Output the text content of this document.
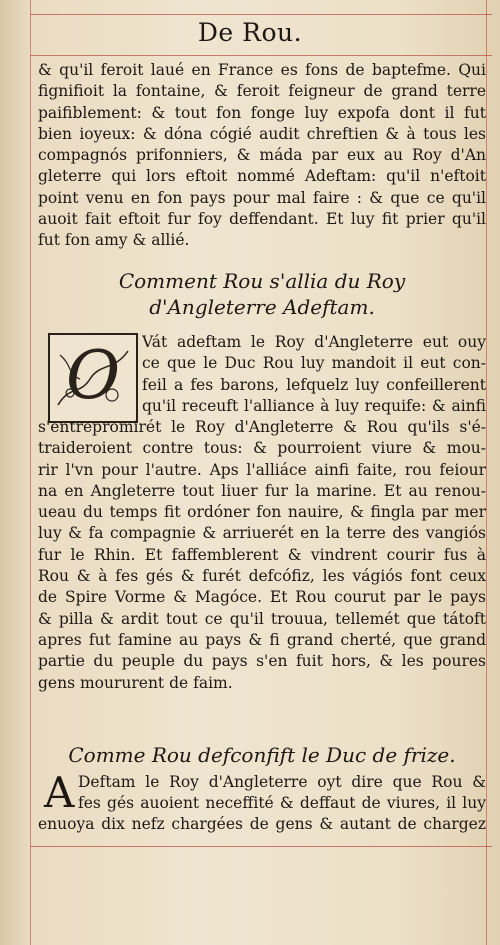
De Rou.
& qu'il feroit laué en France es fons de baptefme. Qui
fignifioit la fontaine, & feroit feigneur de grand terre
paifiblement: & tout fon fonge luy expofa dont il fut
bien ioyeux: & dóna cógié audit chreftien & à tous les
compagnós prifonniers, & máda par eux au Roy d'An
gleterre qui lors eftoit nommé Adeftam: qu'il n'eftoit
point venu en fon pays pour mal faire : & que ce qu'il
auoit fait eftoit fur foy deffendant. Et luy fit prier qu'il
fut fon amy & allié.
Comment Rou s'allia du Roy
d'Angleterre Adeftam.
O	Vát adeftam le Roy d'Angleterre eut ouy
ce que le Duc Rou luy mandoit il eut con-
feil a fes barons, lefquelz luy confeillerent
qu'il receuft l'alliance à luy requife: & ainfi
s'entrepromirét le Roy d'Angleterre & Rou qu'ils s'é-
traideroient contre tous: & pourroient viure & mou-
rir l'vn pour l'autre. Aps l'alliáce ainfi faite, rou feiour
na en Angleterre tout liuer fur la marine. Et au renou-
ueau du temps fit ordóner fon nauire, & fingla par mer
luy & fa compagnie & arriuerét en la terre des vangiós
fur le Rhin. Et faffemblerent & vindrent courir fus à
Rou & à fes gés & furét defcófiz, les vágiós font ceux
de Spire Vorme & Magóce. Et Rou courut par le pays
& pilla & ardit tout ce qu'il trouua, tellemét que tátoft
apres fut famine au pays & fi grand cherté, que grand
partie du peuple du pays s'en fuit hors, & les poures
gens moururent de faim.
Comme Rou defconfift le Duc de frize.
A Deftam le Roy d'Angleterre oyt dire que Rou &
fes gés auoient neceffité & deffaut de viures, il luy
enuoya dix nefz chargées de gens & autant de chargez
